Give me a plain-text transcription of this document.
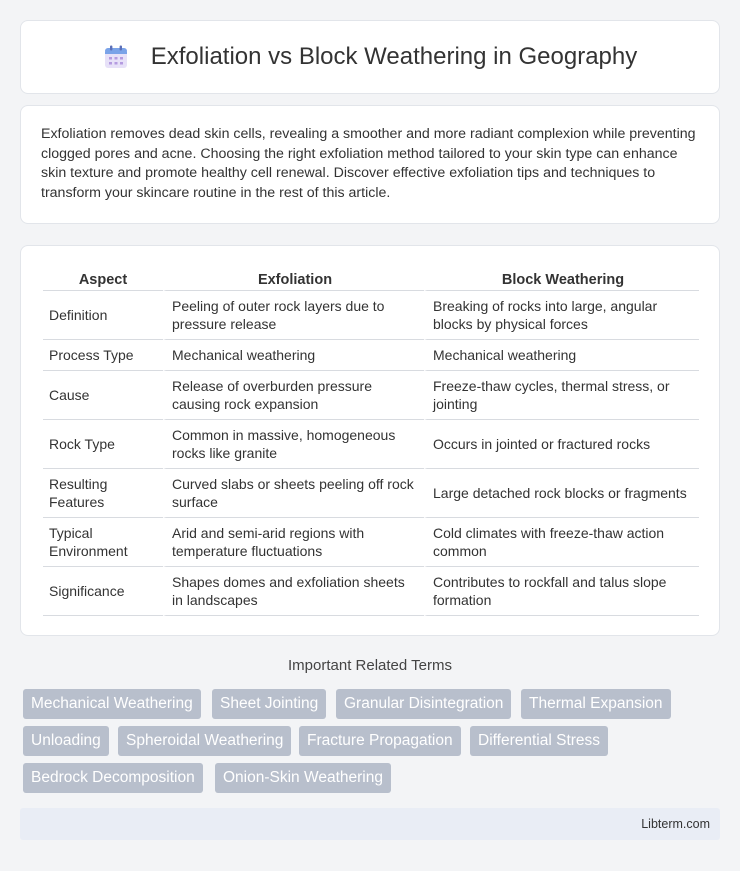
Exfoliation vs Block Weathering in Geography

Exfoliation removes dead skin cells, revealing a smoother and more radiant complexion while preventing clogged pores and acne. Choosing the right exfoliation method tailored to your skin type can enhance skin texture and promote healthy cell renewal. Discover effective exfoliation tips and techniques to transform your skincare routine in the rest of this article.

Aspect	Exfoliation	Block Weathering
Definition	Peeling of outer rock layers due to pressure release	Breaking of rocks into large, angular blocks by physical forces
Process Type	Mechanical weathering	Mechanical weathering
Cause	Release of overburden pressure causing rock expansion	Freeze-thaw cycles, thermal stress, or jointing
Rock Type	Common in massive, homogeneous rocks like granite	Occurs in jointed or fractured rocks
Resulting Features	Curved slabs or sheets peeling off rock surface	Large detached rock blocks or fragments
Typical Environment	Arid and semi-arid regions with temperature fluctuations	Cold climates with freeze-thaw action common
Significance	Shapes domes and exfoliation sheets in landscapes	Contributes to rockfall and talus slope formation
Important Related Terms
Mechanical Weathering	Sheet Jointing	Granular Disintegration	Thermal Expansion
Unloading	Spheroidal Weathering	Fracture Propagation	Differential Stress
Bedrock Decomposition	Onion-Skin Weathering
Libterm.com
